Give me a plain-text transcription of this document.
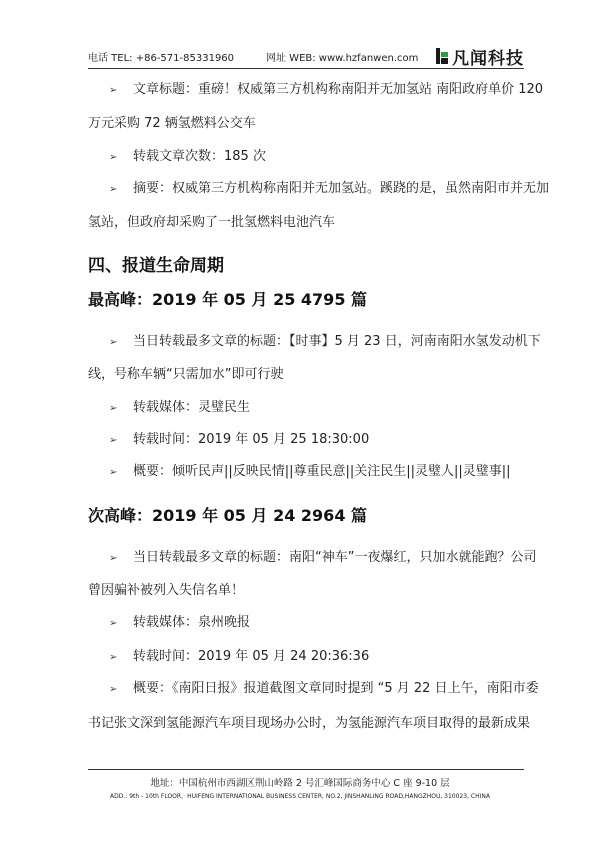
电话 TEL: +86-571-85331960	网址 WEB: www.hzfanwen.com 凡闻科技
➢ 文章标题：重磅！权威第三方机构称南阳并无加氢站 南阳政府单价 120
万元采购 72 辆氢燃料公交车
➢ 转载文章次数：185 次
➢ 摘要：权威第三方机构称南阳并无加氢站。蹊跷的是，虽然南阳市并无加
氢站，但政府却采购了一批氢燃料电池汽车
四、报道生命周期
最高峰：2019 年 05 月 25 4795 篇
➢ 当日转载最多文章的标题：【时事】5 月 23 日，河南南阳水氢发动机下
线，号称车辆“只需加水”即可行驶
➢ 转载媒体：灵璧民生
➢ 转载时间：2019 年 05 月 25 18:30:00
➢ 概要：倾听民声||反映民情||尊重民意||关注民生||灵璧人||灵璧事||
次高峰：2019 年 05 月 24 2964 篇
➢ 当日转载最多文章的标题：南阳“神车”一夜爆红，只加水就能跑？公司
曾因骗补被列入失信名单！
➢ 转载媒体：泉州晚报
➢ 转载时间：2019 年 05 月 24 20:36:36
➢ 概要：《南阳日报》报道截图文章同时提到 “5 月 22 日上午，南阳市委
书记张文深到氢能源汽车项目现场办公时，为氢能源汽车项目取得的最新成果
地址：中国杭州市西湖区荆山岭路 2 号汇峰国际商务中心 C 座 9-10 层
ADD.: 9th - 10th FLOOR，HUIFENG INTERNATIONAL BUSINESS CENTER, NO.2, JINSHANLING ROAD,HANGZHOU, 310023, CHINA
